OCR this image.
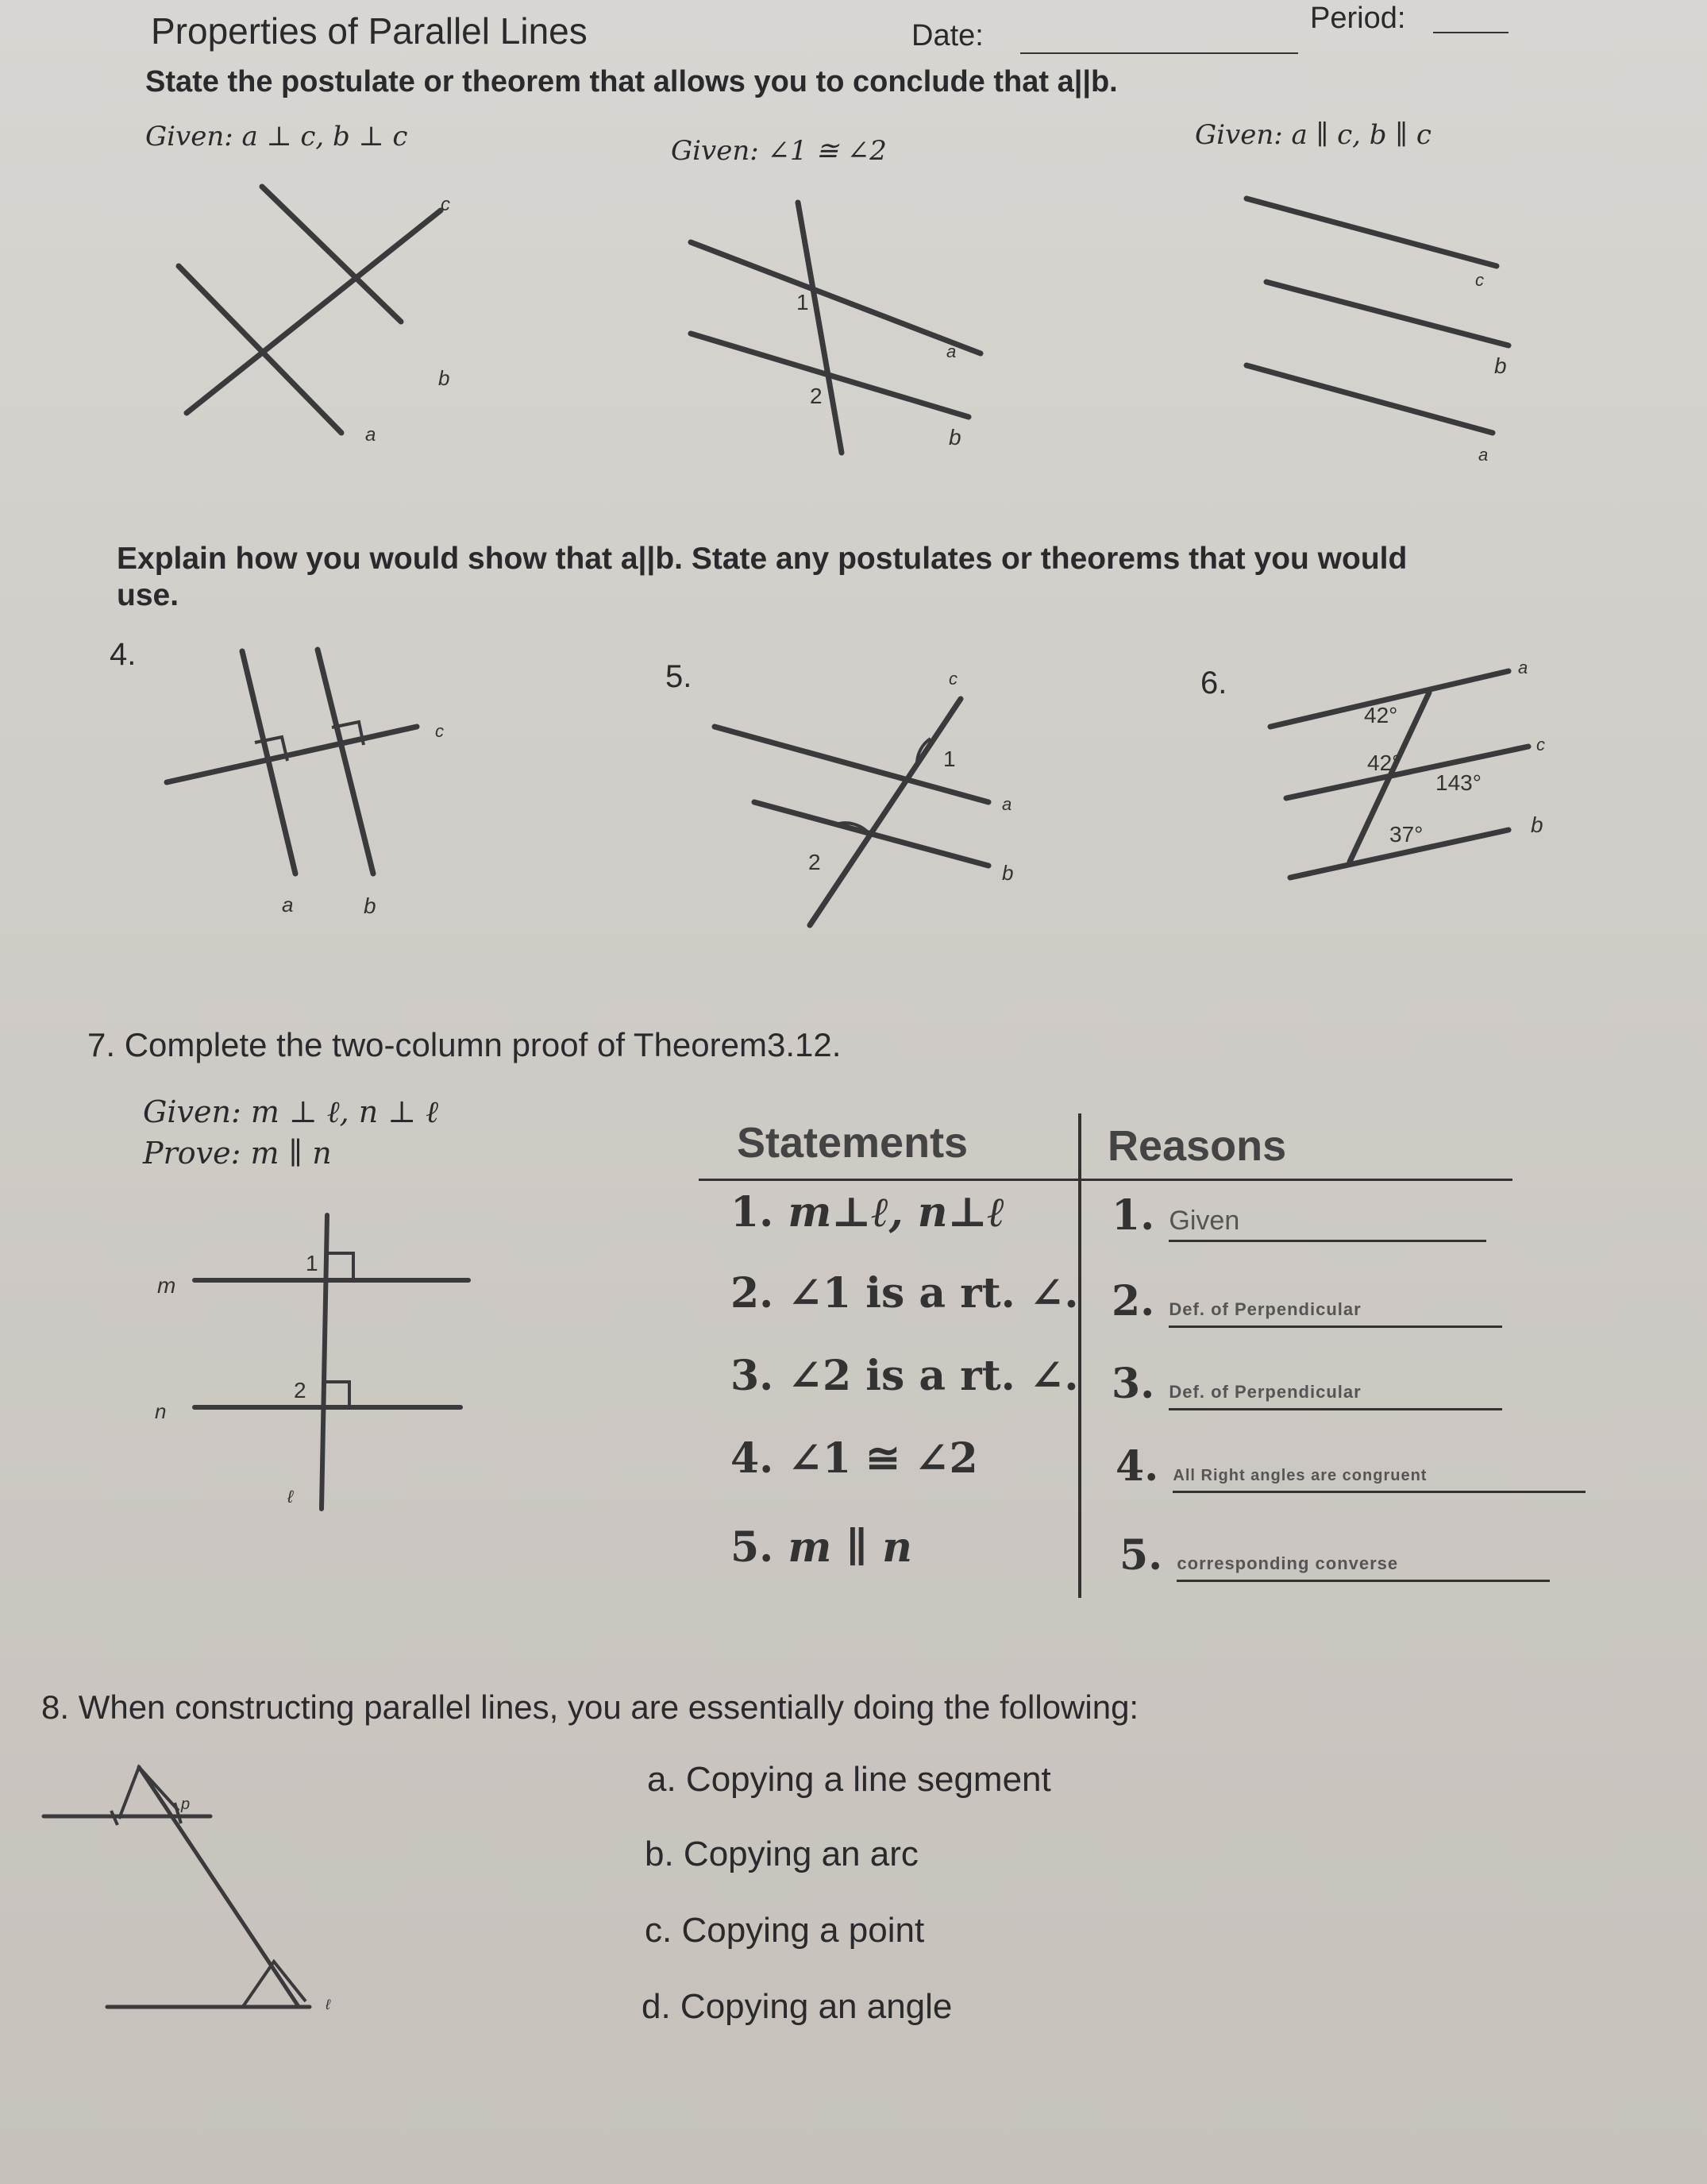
Properties of Parallel Lines	Date:
Period:
State the postulate or theorem that allows you to conclude that a||b.
Given: a ⊥ c, b ⊥ c	Given: ∠1 ≅ ∠2	Given: a ∥ c, b ∥ c
c
b
a
1
2
a
b
c
b
a
Explain how you would show that a||b. State any postulates or theorems that you would
use.
4.
5.	6.
c
a	b
c
1
2
a
b
42°
42°
143°
37°
a
c
b
7. Complete the two-column proof of Theorem3.12.
Given: m ⊥ ℓ, n ⊥ ℓ
Prove: m ∥ n
m
1
2
n
ℓ
Statements	Reasons
1. m⊥ℓ, n⊥ℓ	1. Given
2. ∠1 is a rt. ∠. 2. Def. of Perpendicular
3. ∠2 is a rt. ∠. 3. Def. of Perpendicular
4. ∠1 ≅ ∠2	4. All Right angles are congruent
5. m ∥ n	5. corresponding converse
8. When constructing parallel lines, you are essentially doing the following:
p
ℓ
a. Copying a line segment
b. Copying an arc
c. Copying a point
d. Copying an angle
